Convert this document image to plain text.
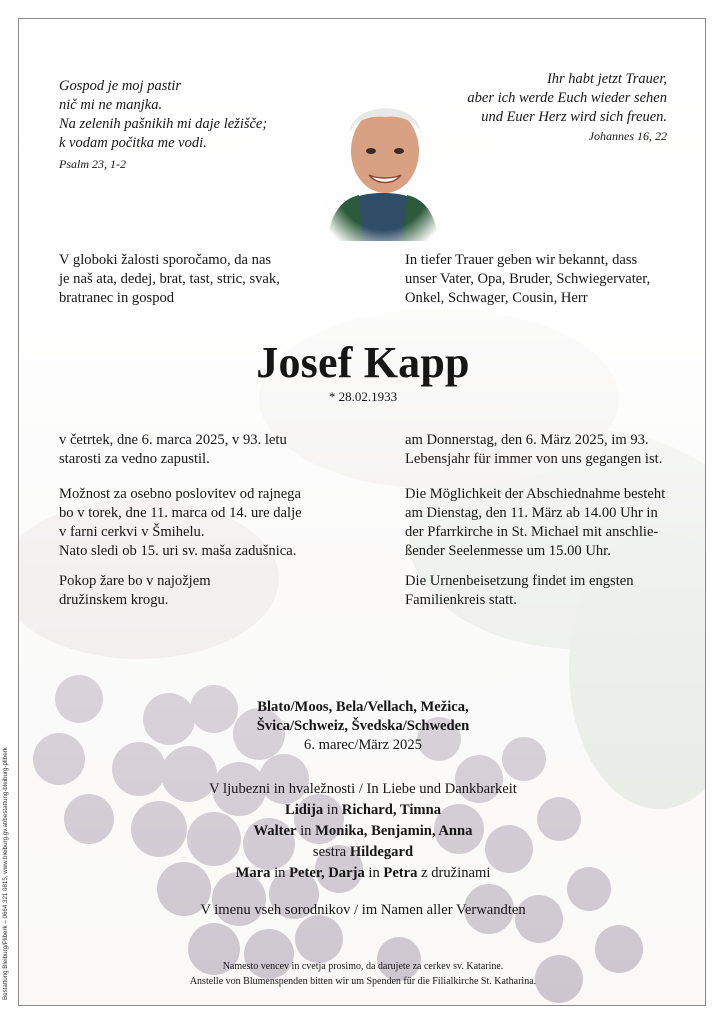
Gospod je moj pastir
nič mi ne manjka.
Na zelenih pašnikih mi daje ležišče;
k vodam počitka me vodi.
Psalm 23, 1-2
Ihr habt jetzt Trauer,
aber ich werde Euch wieder sehen
und Euer Herz wird sich freuen.
Johannes 16, 22
V globoki žalosti sporočamo, da nas
je naš ata, dedej, brat, tast, stric, svak,
bratranec in gospod
In tiefer Trauer geben wir bekannt, dass
unser Vater, Opa, Bruder, Schwiegervater,
Onkel, Schwager, Cousin, Herr
Josef Kapp
* 28.02.1933
v četrtek, dne 6. marca 2025, v 93. letu
starosti za vedno zapustil.
am Donnerstag, den 6. März 2025, im 93.
Lebensjahr für immer von uns gegangen ist.
Možnost za osebno poslovitev od rajnega
bo v torek, dne 11. marca od 14. ure dalje
v farni cerkvi v Šmihelu.
Nato sledi ob 15. uri sv. maša zadušnica.
Die Möglichkeit der Abschiednahme besteht
am Dienstag, den 11. März ab 14.00 Uhr in
der Pfarrkirche in St. Michael mit anschlie-
ßender Seelenmesse um 15.00 Uhr.
Pokop žare bo v najožjem
družinskem krogu.
Die Urnenbeisetzung findet im engsten
Familienkreis statt.
Blato/Moos, Bela/Vellach, Mežica,
Švica/Schweiz, Švedska/Schweden
6. marec/März 2025
V ljubezni in hvaležnosti / In Liebe und Dankbarkeit
Lidija in Richard, Timna
Walter in Monika, Benjamin, Anna
sestra Hildegard
Mara in Peter, Darja in Petra z družinami
V imenu vseh sorodnikov / im Namen aller Verwandten
Namesto vencev in cvetja prosimo, da darujete za cerkev sv. Katarine.
Anstelle von Blumenspenden bitten wir um Spenden für die Filialkirche St. Katharina.
Bestattung Bleiburg/Pliberk – 0664 321 0815, www.bleiburg.gv.at/bestattung-bleiburg-pliberk
